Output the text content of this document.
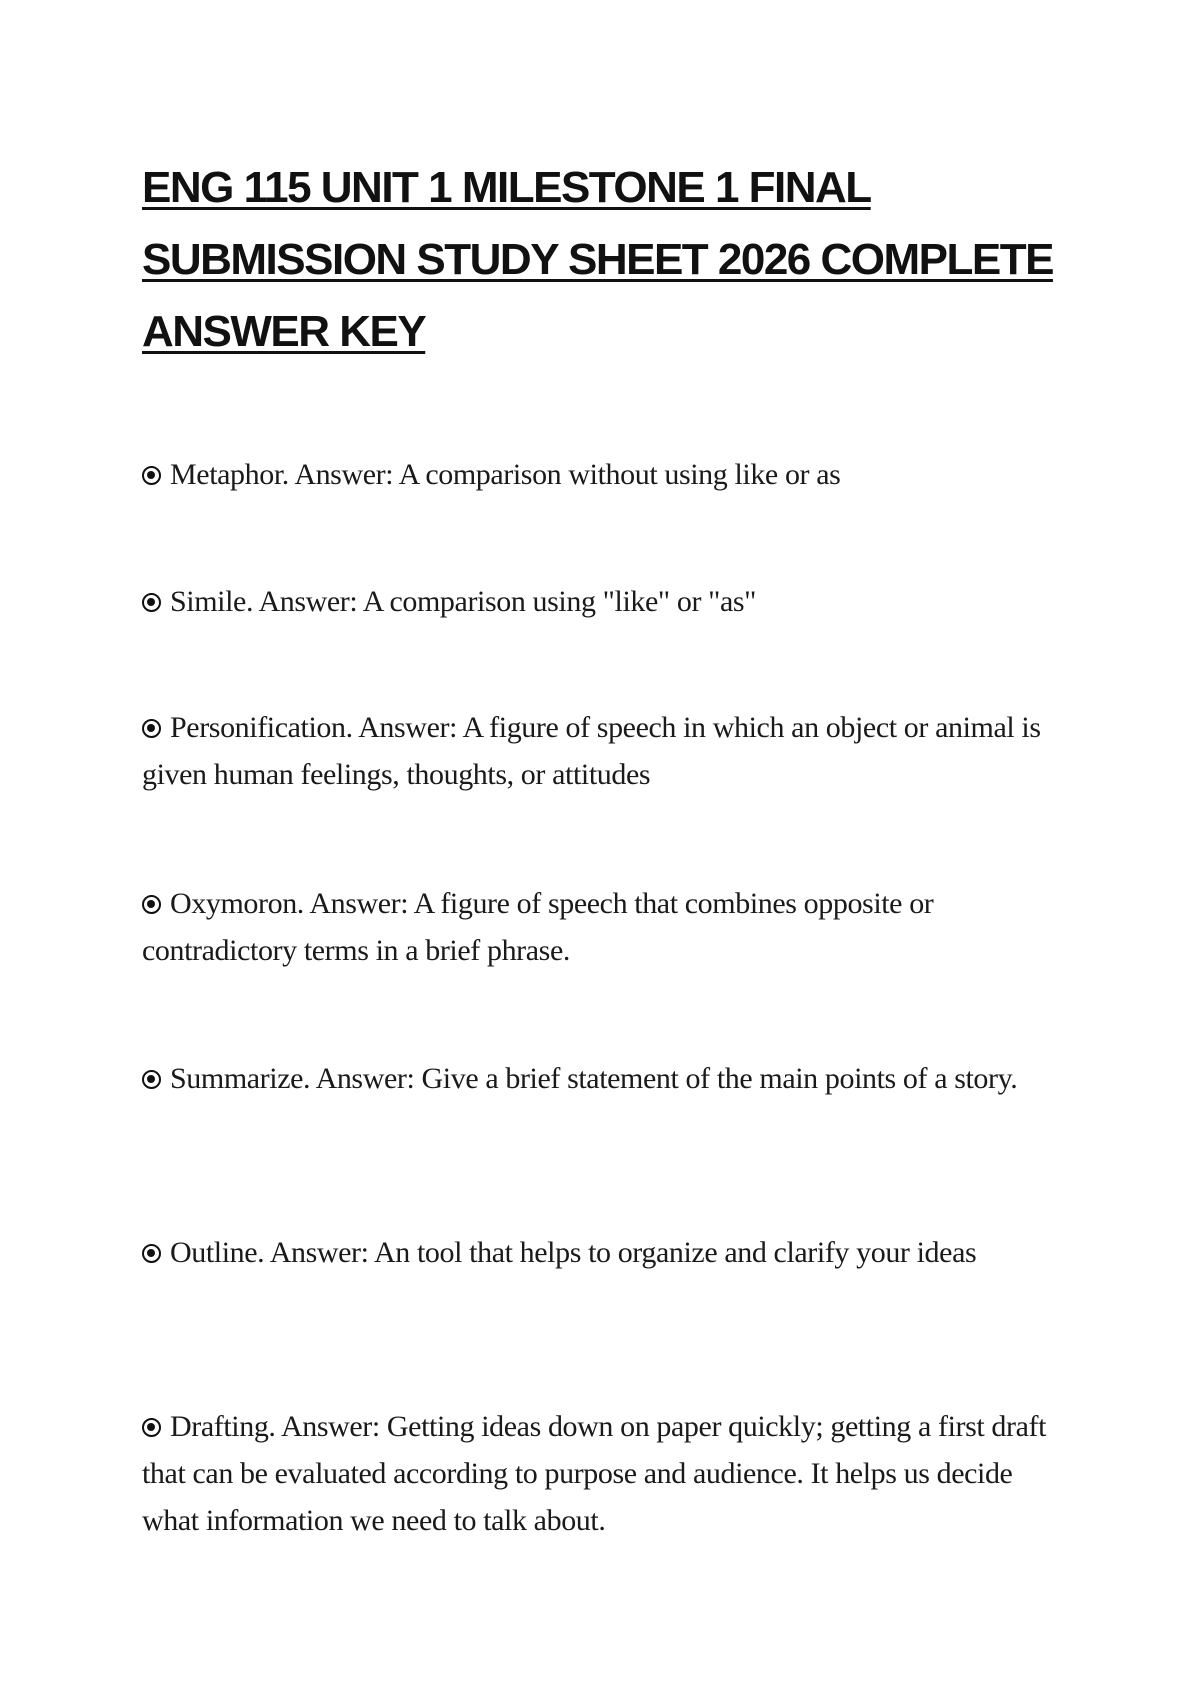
ENG 115 UNIT 1 MILESTONE 1 FINAL SUBMISSION STUDY SHEET 2026 COMPLETE ANSWER KEY
Metaphor. Answer: A comparison without using like or as
Simile. Answer: A comparison using "like" or "as"
Personification. Answer: A figure of speech in which an object or animal is given human feelings, thoughts, or attitudes
Oxymoron. Answer: A figure of speech that combines opposite or contradictory terms in a brief phrase.
Summarize. Answer: Give a brief statement of the main points of a story.
Outline. Answer: An tool that helps to organize and clarify your ideas
Drafting. Answer: Getting ideas down on paper quickly; getting a first draft that can be evaluated according to purpose and audience. It helps us decide what information we need to talk about.
